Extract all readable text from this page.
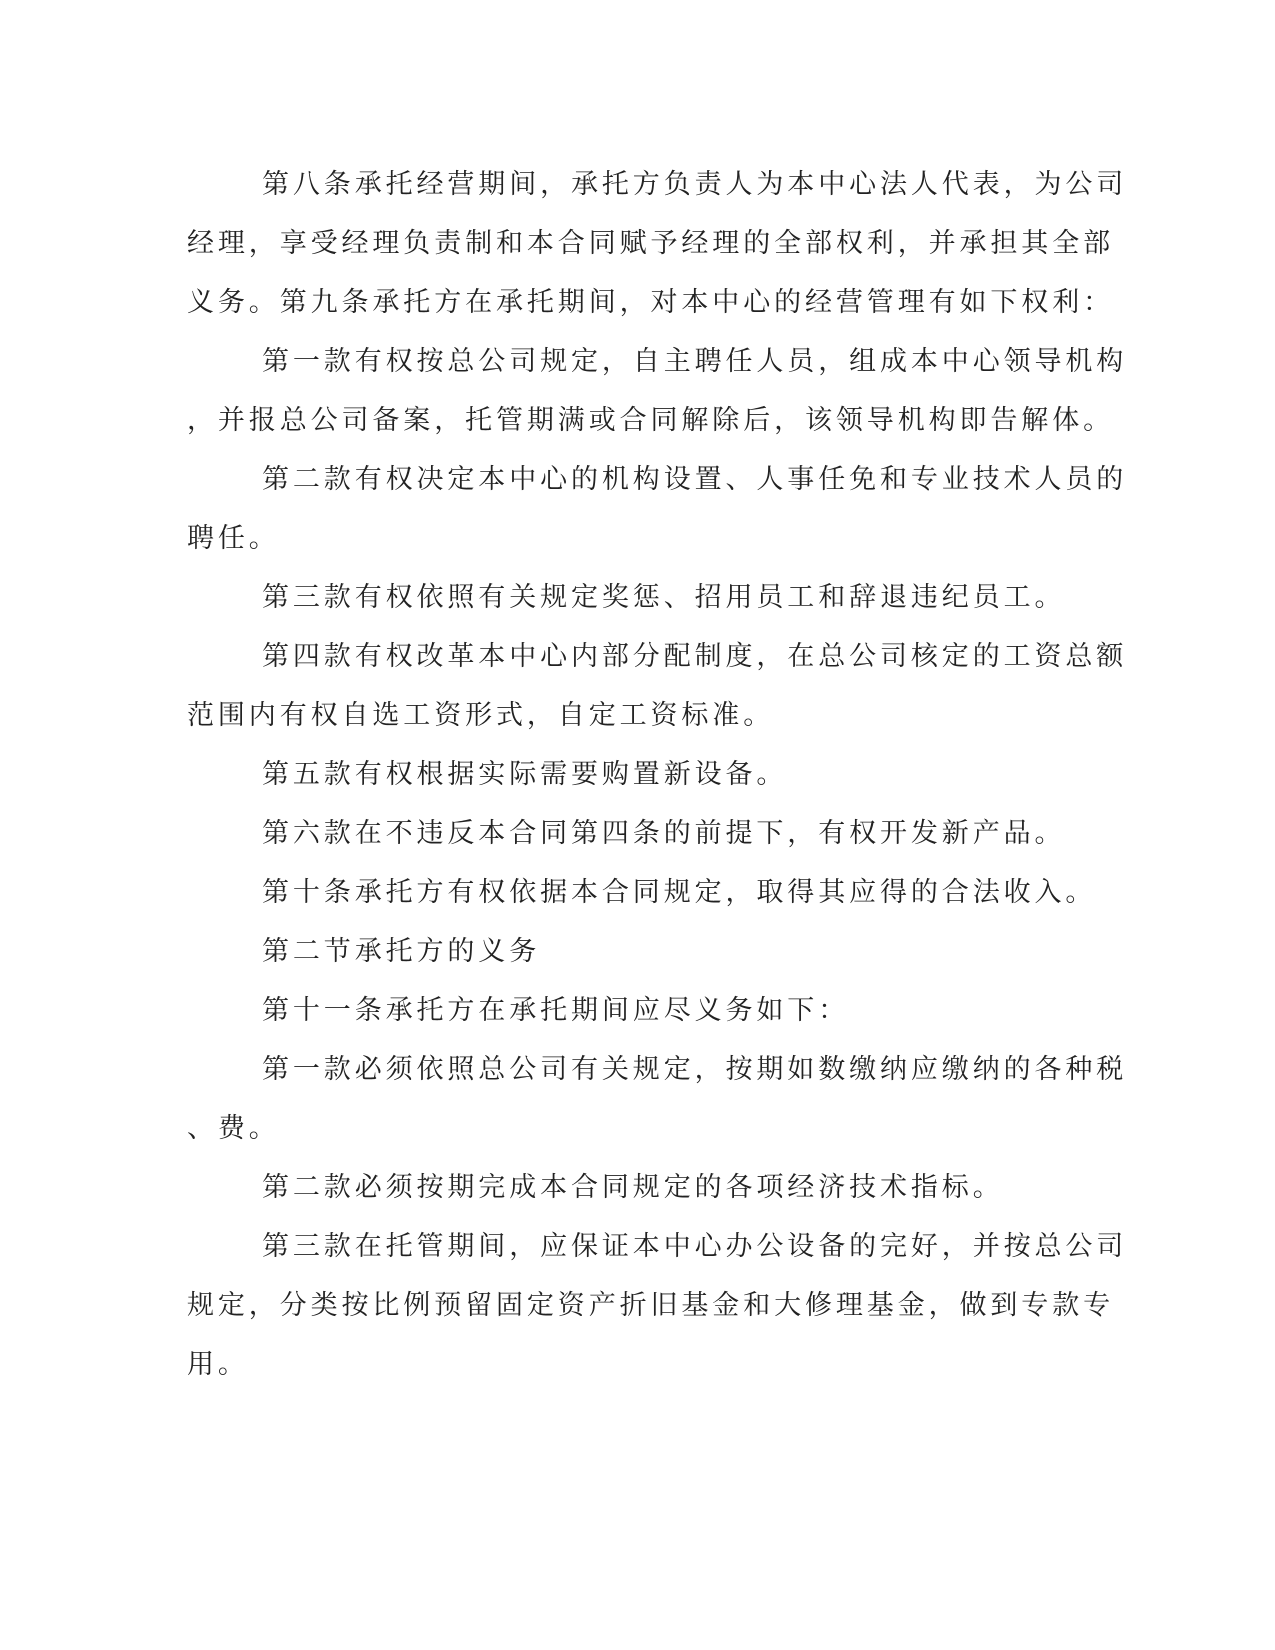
第八条承托经营期间，承托方负责人为本中心法人代表，为公司
经理，享受经理负责制和本合同赋予经理的全部权利，并承担其全部
义务。第九条承托方在承托期间，对本中心的经营管理有如下权利：
第一款有权按总公司规定，自主聘任人员，组成本中心领导机构
，并报总公司备案，托管期满或合同解除后，该领导机构即告解体。
第二款有权决定本中心的机构设置、人事任免和专业技术人员的
聘任。
第三款有权依照有关规定奖惩、招用员工和辞退违纪员工。
第四款有权改革本中心内部分配制度，在总公司核定的工资总额
范围内有权自选工资形式，自定工资标准。
第五款有权根据实际需要购置新设备。
第六款在不违反本合同第四条的前提下，有权开发新产品。
第十条承托方有权依据本合同规定，取得其应得的合法收入。
第二节承托方的义务
第十一条承托方在承托期间应尽义务如下：
第一款必须依照总公司有关规定，按期如数缴纳应缴纳的各种税
、费。
第二款必须按期完成本合同规定的各项经济技术指标。
第三款在托管期间，应保证本中心办公设备的完好，并按总公司
规定，分类按比例预留固定资产折旧基金和大修理基金，做到专款专
用。
